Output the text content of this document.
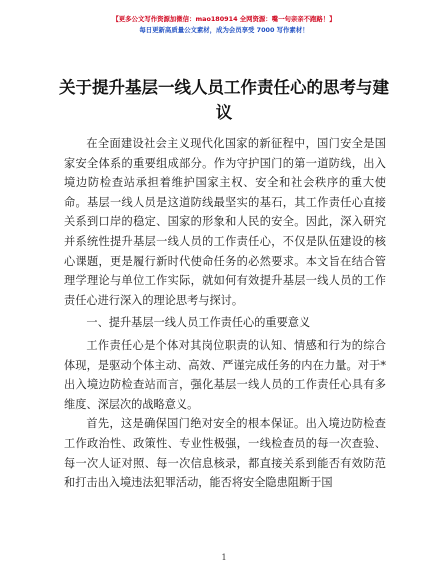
【更多公文写作资源加微信：mao180914 全网资源：嘴一句亲亲不跑路！】
每日更新高质量公文素材，成为会员享受 7000 写作素材！
关于提升基层一线人员工作责任心的思考与建议

在全面建设社会主义现代化国家的新征程中，国门安全是国家安全体系的重要组成部分。作为守护国门的第一道防线，出入境边防检查站承担着维护国家主权、安全和社会秩序的重大使命。基层一线人员是这道防线最坚实的基石，其工作责任心直接关系到口岸的稳定、国家的形象和人民的安全。因此，深入研究并系统性提升基层一线人员的工作责任心，不仅是队伍建设的核心课题，更是履行新时代使命任务的必然要求。本文旨在结合管理学理论与单位工作实际，就如何有效提升基层一线人员的工作责任心进行深入的理论思考与探讨。

一、提升基层一线人员工作责任心的重要意义

工作责任心是个体对其岗位职责的认知、情感和行为的综合体现，是驱动个体主动、高效、严谨完成任务的内在力量。对于*出入境边防检查站而言，强化基层一线人员的工作责任心具有多维度、深层次的战略意义。

首先，这是确保国门绝对安全的根本保证。出入境边防检查工作政治性、政策性、专业性极强，一线检查员的每一次查验、每一次人证对照、每一次信息核录，都直接关系到能否有效防范和打击出入境违法犯罪活动，能否将安全隐患阻断于国

1
